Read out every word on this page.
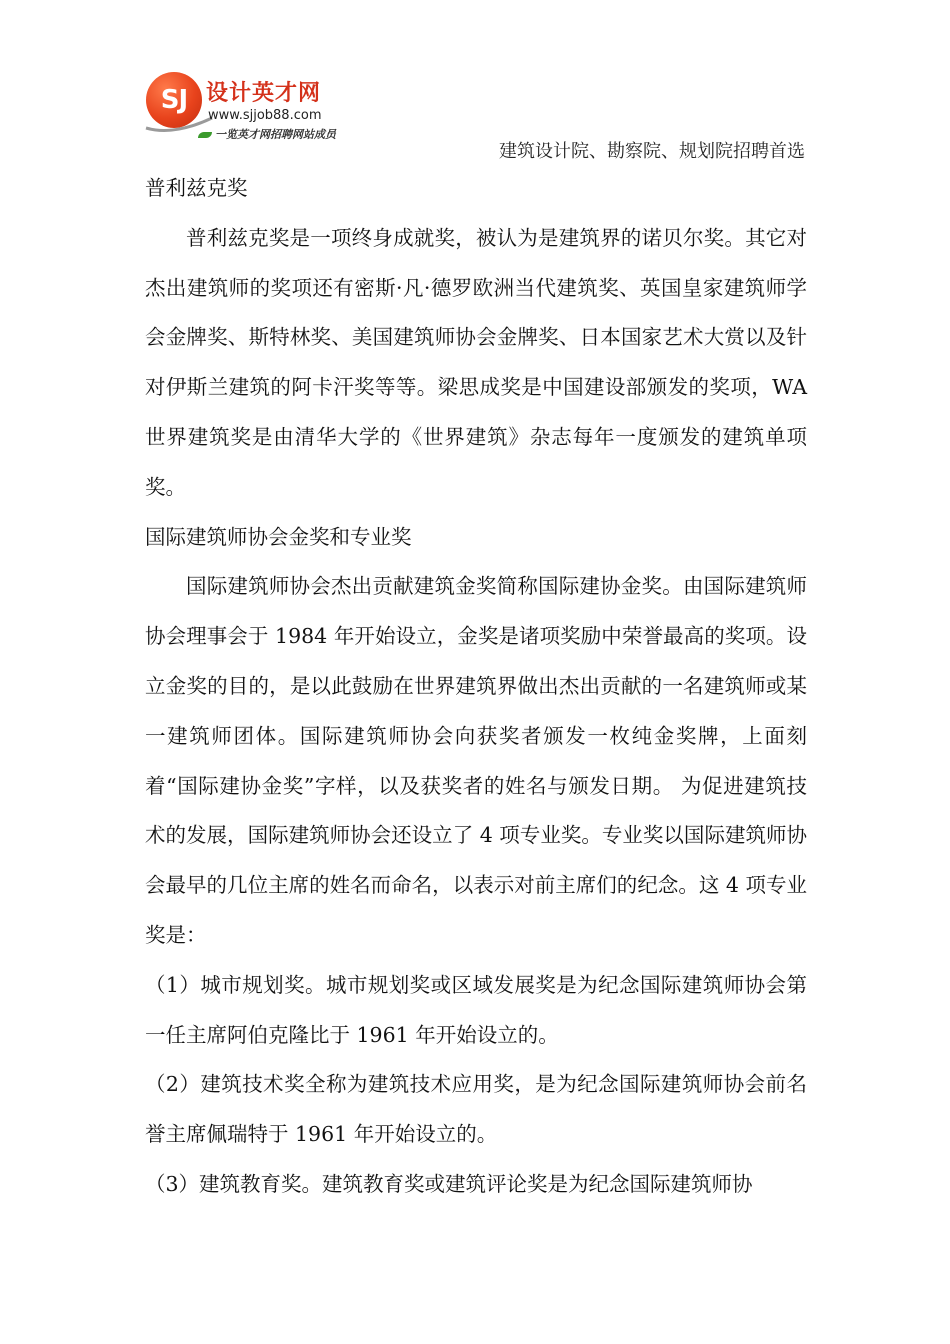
SJ 设计英才网
www.sjjob88.com
一览英才网招聘网站成员
建筑设计院、勘察院、规划院招聘首选

普利兹克奖

普利兹克奖是一项终身成就奖，被认为是建筑界的诺贝尔奖。其它对杰出建筑师的奖项还有密斯·凡·德罗欧洲当代建筑奖、英国皇家建筑师学会金牌奖、斯特林奖、美国建筑师协会金牌奖、日本国家艺术大赏以及针对伊斯兰建筑的阿卡汗奖等等。梁思成奖是中国建设部颁发的奖项，WA 世界建筑奖是由清华大学的《世界建筑》杂志每年一度颁发的建筑单项奖。

国际建筑师协会金奖和专业奖

国际建筑师协会杰出贡献建筑金奖简称国际建协金奖。由国际建筑师协会理事会于 1984 年开始设立，金奖是诸项奖励中荣誉最高的奖项。设立金奖的目的，是以此鼓励在世界建筑界做出杰出贡献的一名建筑师或某一建筑师团体。国际建筑师协会向获奖者颁发一枚纯金奖牌，上面刻着“国际建协金奖”字样，以及获奖者的姓名与颁发日期。 为促进建筑技术的发展，国际建筑师协会还设立了 4 项专业奖。专业奖以国际建筑师协会最早的几位主席的姓名而命名，以表示对前主席们的纪念。这 4 项专业奖是：

（1）城市规划奖。城市规划奖或区域发展奖是为纪念国际建筑师协会第一任主席阿伯克隆比于 1961 年开始设立的。

（2）建筑技术奖全称为建筑技术应用奖，是为纪念国际建筑师协会前名誉主席佩瑞特于 1961 年开始设立的。

（3）建筑教育奖。建筑教育奖或建筑评论奖是为纪念国际建筑师协
